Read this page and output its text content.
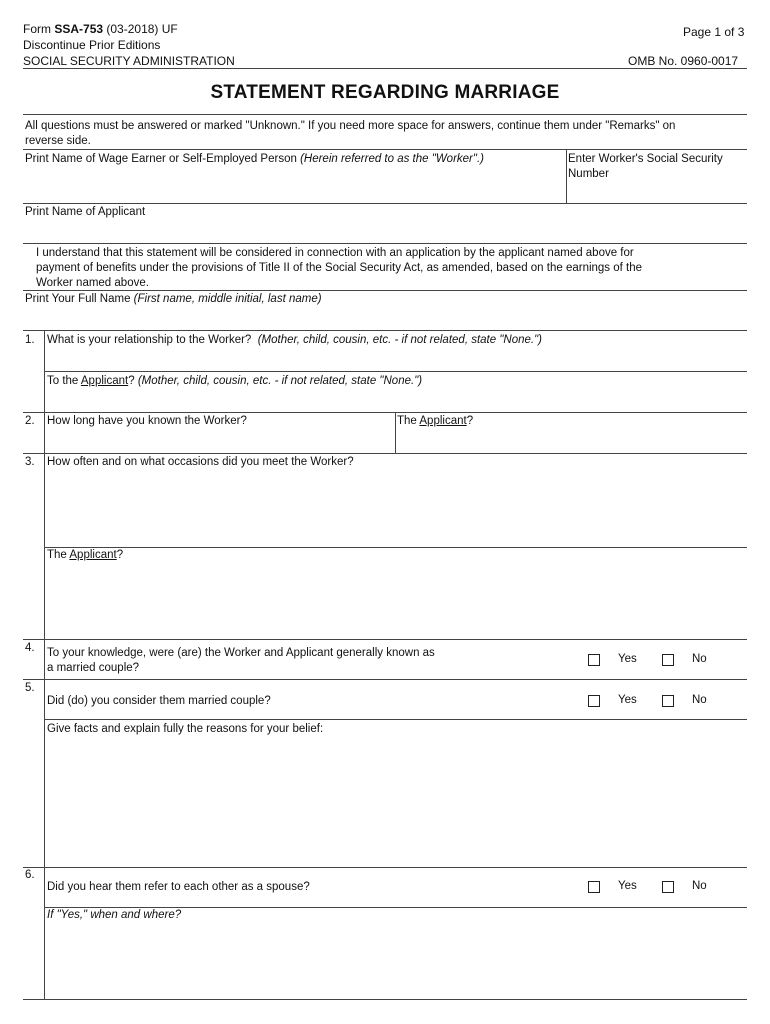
Form SSA-753 (03-2018) UF
Discontinue Prior Editions
SOCIAL SECURITY ADMINISTRATION
Page 1 of 3
OMB No. 0960-0017
STATEMENT REGARDING MARRIAGE
All questions must be answered or marked "Unknown." If you need more space for answers, continue them under "Remarks" on
reverse side.
Print Name of Wage Earner or Self-Employed Person (Herein referred to as the "Worker".)	Enter Worker's Social Security
Number
Print Name of Applicant
I understand that this statement will be considered in connection with an application by the applicant named above for
payment of benefits under the provisions of Title II of the Social Security Act, as amended, based on the earnings of the
Worker named above.
Print Your Full Name (First name, middle initial, last name)
1. What is your relationship to the Worker? (Mother, child, cousin, etc. - if not related, state "None.")
To the Applicant? (Mother, child, cousin, etc. - if not related, state "None.")
2. How long have you known the Worker?	The Applicant?
3. How often and on what occasions did you meet the Worker?
The Applicant?
4. To your knowledge, were (are) the Worker and Applicant generally known as
a married couple?
Yes	No
5.
Did (do) you consider them married couple?	Yes	No
Give facts and explain fully the reasons for your belief:
6.
Did you hear them refer to each other as a spouse?	Yes	No
If "Yes," when and where?
